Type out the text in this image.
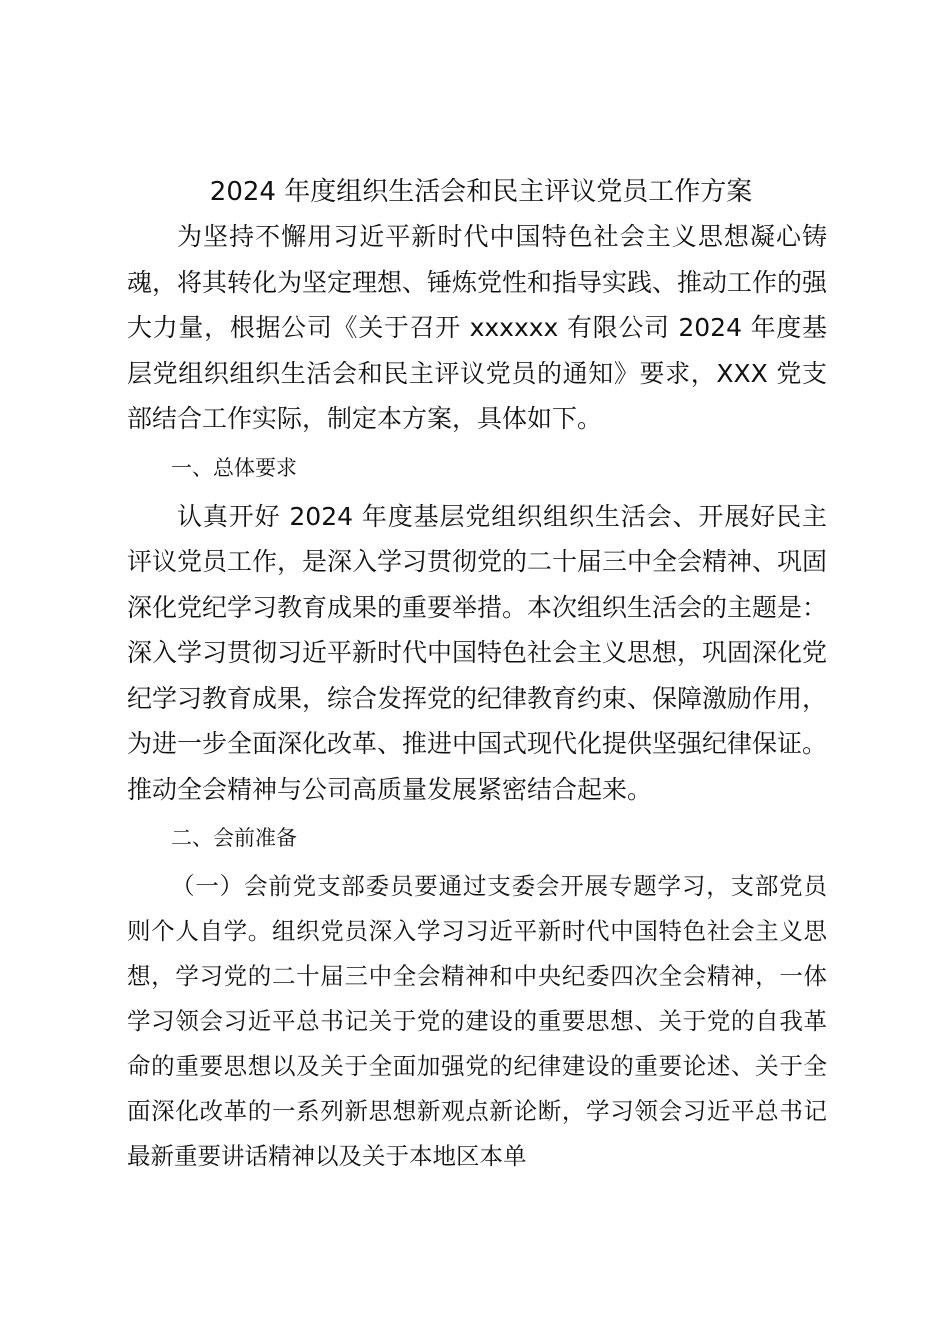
2024 年度组织生活会和民主评议党员工作方案

为坚持不懈用习近平新时代中国特色社会主义思想凝心铸魂，将其转化为坚定理想、锤炼党性和指导实践、推动工作的强大力量，根据公司《关于召开 xxxxxx 有限公司 2024 年度基层党组织组织生活会和民主评议党员的通知》要求，XXX 党支部结合工作实际，制定本方案，具体如下。

一、总体要求

认真开好 2024 年度基层党组织组织生活会、开展好民主评议党员工作，是深入学习贯彻党的二十届三中全会精神、巩固深化党纪学习教育成果的重要举措。本次组织生活会的主题是：深入学习贯彻习近平新时代中国特色社会主义思想，巩固深化党纪学习教育成果，综合发挥党的纪律教育约束、保障激励作用，为进一步全面深化改革、推进中国式现代化提供坚强纪律保证。推动全会精神与公司高质量发展紧密结合起来。

二、会前准备

（一）会前党支部委员要通过支委会开展专题学习，支部党员则个人自学。组织党员深入学习习近平新时代中国特色社会主义思想，学习党的二十届三中全会精神和中央纪委四次全会精神，一体学习领会习近平总书记关于党的建设的重要思想、关于党的自我革命的重要思想以及关于全面加强党的纪律建设的重要论述、关于全面深化改革的一系列新思想新观点新论断，学习领会习近平总书记最新重要讲话精神以及关于本地区本单
